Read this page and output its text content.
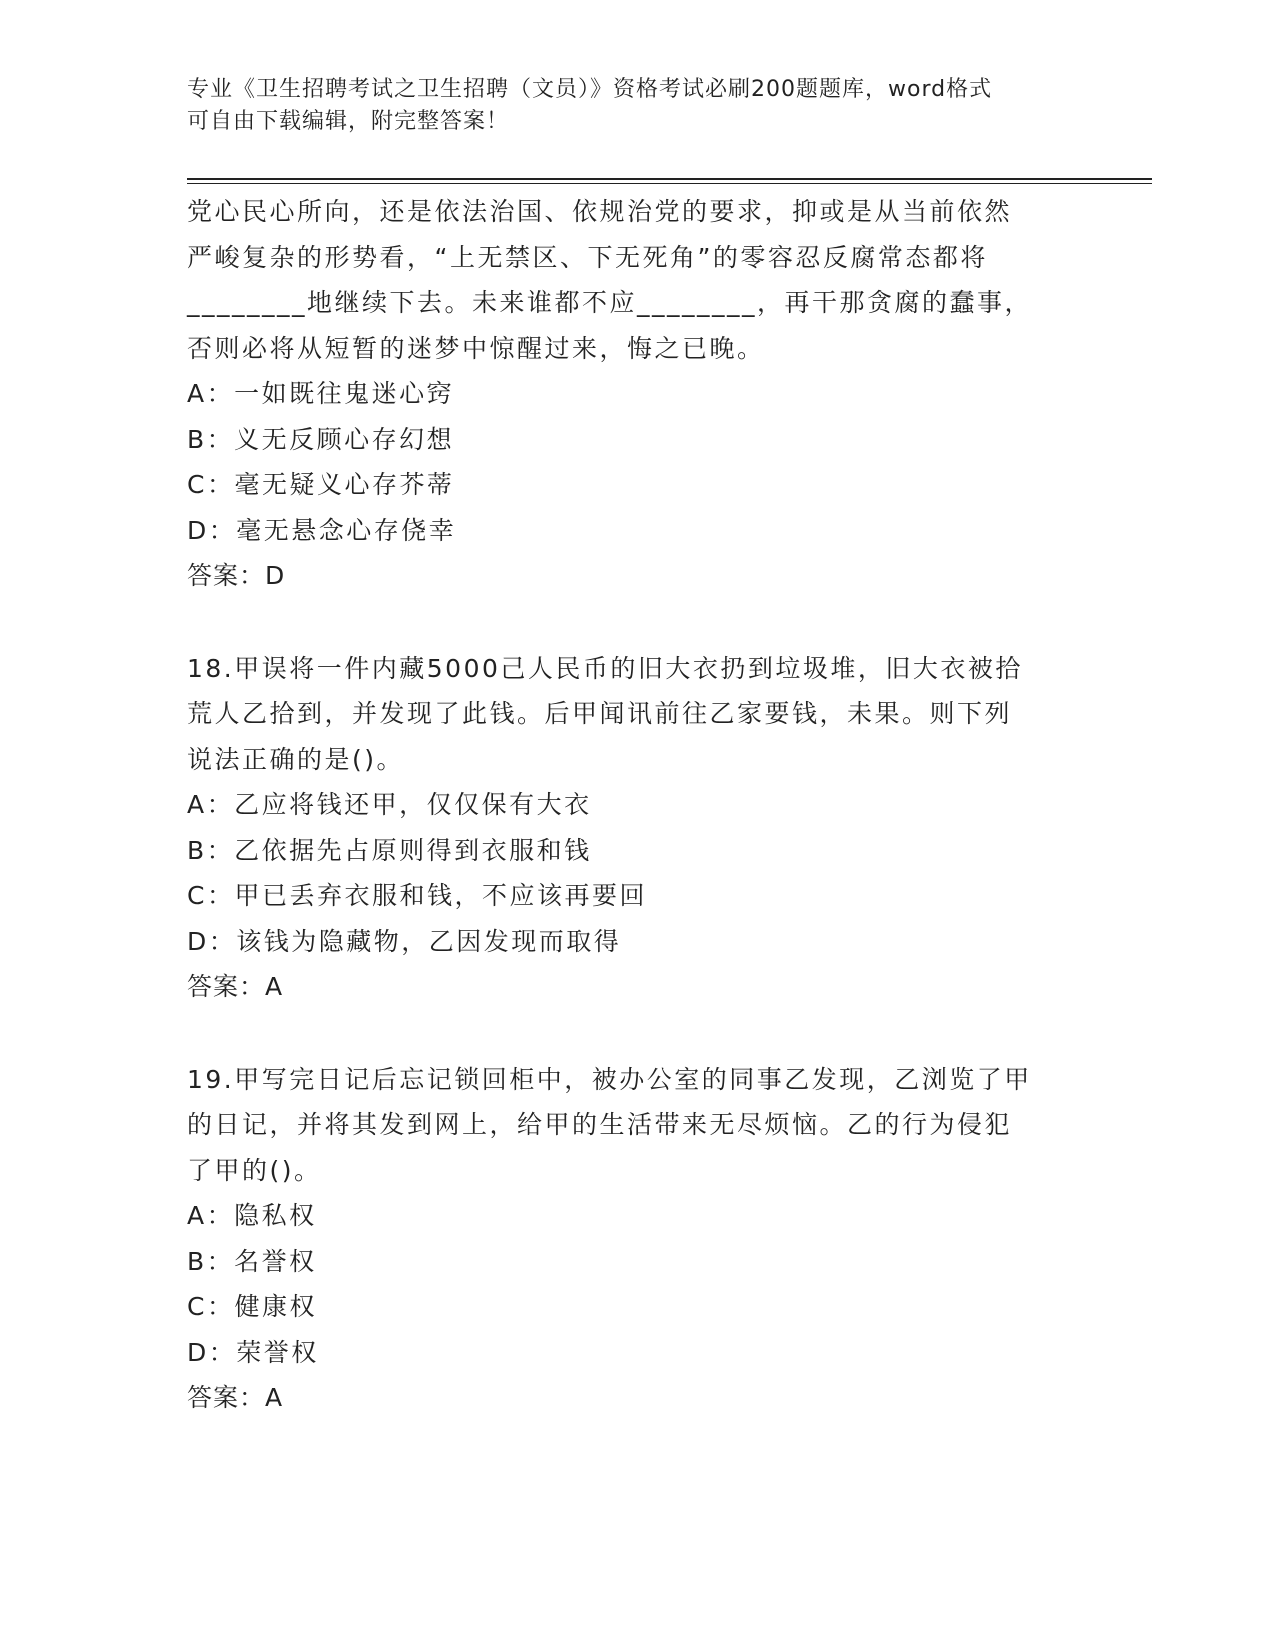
专业《卫生招聘考试之卫生招聘（文员）》资格考试必刷200题题库，word格式
可自由下载编辑，附完整答案！
党心民心所向，还是依法治国、依规治党的要求，抑或是从当前依然
严峻复杂的形势看，“上无禁区、下无死角”的零容忍反腐常态都将
________地继续下去。未来谁都不应________，再干那贪腐的蠢事，
否则必将从短暂的迷梦中惊醒过来，悔之已晚。
A：一如既往鬼迷心窍
B：义无反顾心存幻想
C：毫无疑义心存芥蒂
D：毫无悬念心存侥幸
答案：D
18.甲误将一件内藏5000己人民币的旧大衣扔到垃圾堆，旧大衣被拾
荒人乙拾到，并发现了此钱。后甲闻讯前往乙家要钱，未果。则下列
说法正确的是()。
A：乙应将钱还甲，仅仅保有大衣
B：乙依据先占原则得到衣服和钱
C：甲已丢弃衣服和钱，不应该再要回
D：该钱为隐藏物，乙因发现而取得
答案：A
19.甲写完日记后忘记锁回柜中，被办公室的同事乙发现，乙浏览了甲
的日记，并将其发到网上，给甲的生活带来无尽烦恼。乙的行为侵犯
了甲的()。
A：隐私权
B：名誉权
C：健康权
D：荣誉权
答案：A
